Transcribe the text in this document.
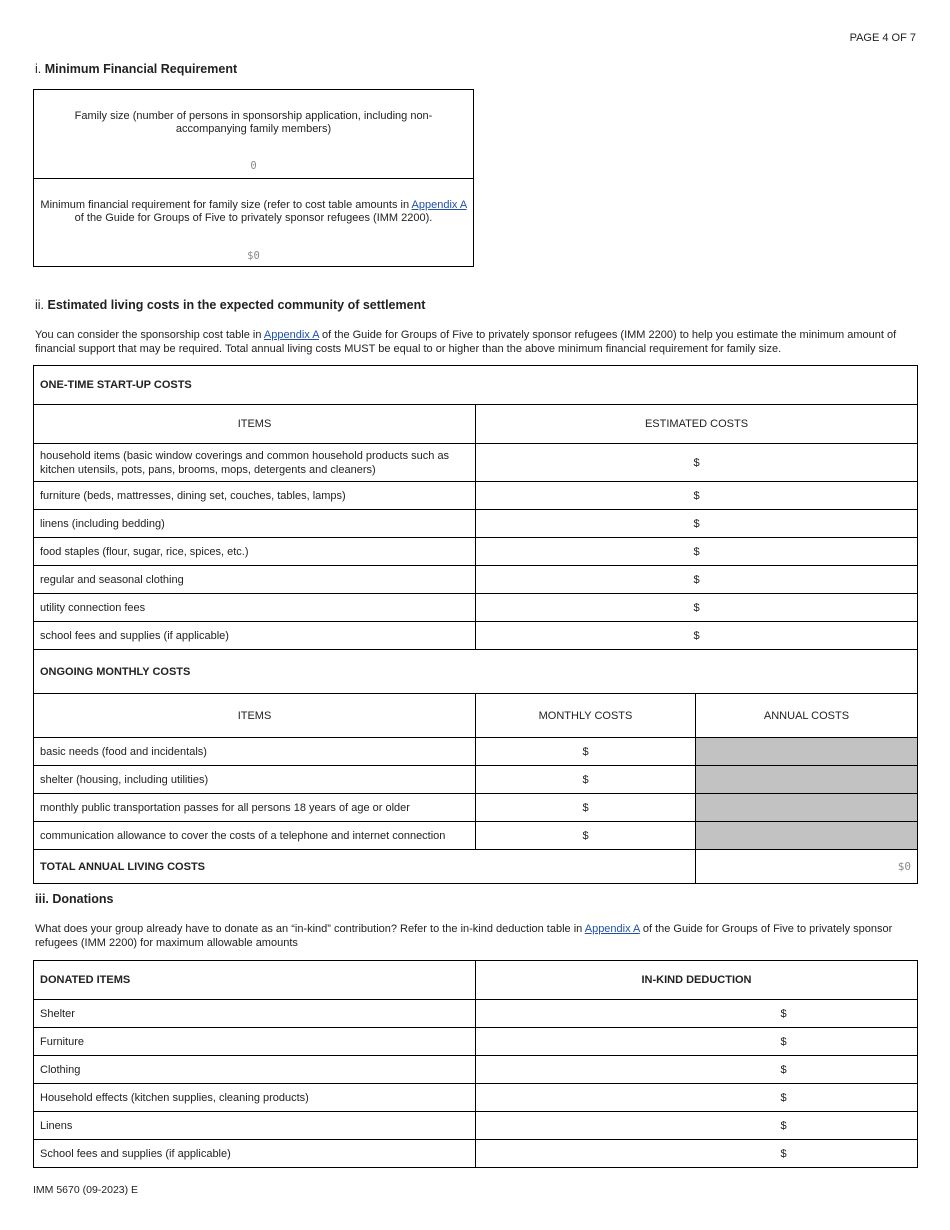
PAGE 4 OF 7
i. Minimum Financial Requirement
Family size (number of persons in sponsorship application, including non-accompanying family members)
0
Minimum financial requirement for family size (refer to cost table amounts in Appendix A of the Guide for Groups of Five to privately sponsor refugees (IMM 2200).
$0
ii. Estimated living costs in the expected community of settlement
You can consider the sponsorship cost table in Appendix A of the Guide for Groups of Five to privately sponsor refugees (IMM 2200) to help you estimate the minimum amount of financial support that may be required. Total annual living costs MUST be equal to or higher than the above minimum financial requirement for family size.
ONE-TIME START-UP COSTS		
ITEMS	ESTIMATED COSTS	
household items (basic window coverings and common household products such as kitchen utensils, pots, pans, brooms, mops, detergents and cleaners)	$	
furniture (beds, mattresses, dining set, couches, tables, lamps)	$	
linens (including bedding)	$	
food staples (flour, sugar, rice, spices, etc.)	$	
regular and seasonal clothing	$	
utility connection fees	$	
school fees and supplies (if applicable)	$	
ONGOING MONTHLY COSTS		
ITEMS	MONTHLY COSTS	ANNUAL COSTS
basic needs (food and incidentals)	$	
shelter (housing, including utilities)	$	
monthly public transportation passes for all persons 18 years of age or older	$	
communication allowance to cover the costs of a telephone and internet connection	$	
TOTAL ANNUAL LIVING COSTS		$0
iii. Donations
What does your group already have to donate as an “in-kind” contribution? Refer to the in-kind deduction table in Appendix A of the Guide for Groups of Five to privately sponsor refugees (IMM 2200) for maximum allowable amounts
DONATED ITEMS	IN-KIND DEDUCTION
Shelter	$
Furniture	$
Clothing	$
Household effects (kitchen supplies, cleaning products)	$
Linens	$
School fees and supplies (if applicable)	$
IMM 5670 (09-2023) E
